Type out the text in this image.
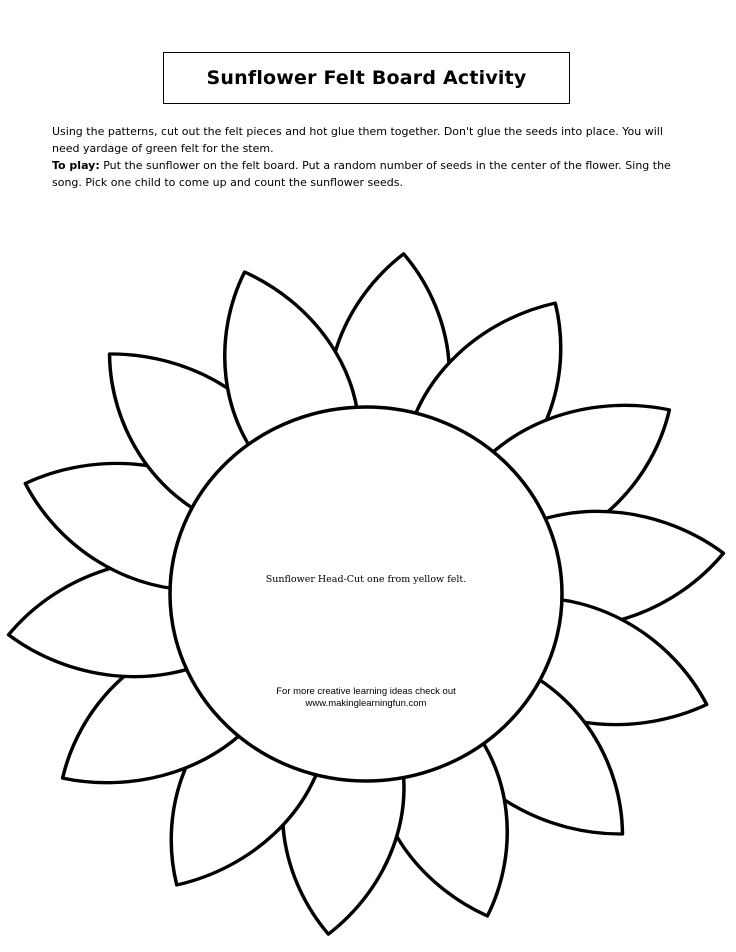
Sunflower Felt Board Activity

Using the patterns, cut out the felt pieces and hot glue them together. Don't glue the seeds into place. You will need yardage of green felt for the stem.

To play: Put the sunflower on the felt board. Put a random number of seeds in the center of the flower. Sing the song. Pick one child to come up and count the sunflower seeds.

Sunflower Head-Cut one from yellow felt.
For more creative learning ideas check out
www.makinglearningfun.com
